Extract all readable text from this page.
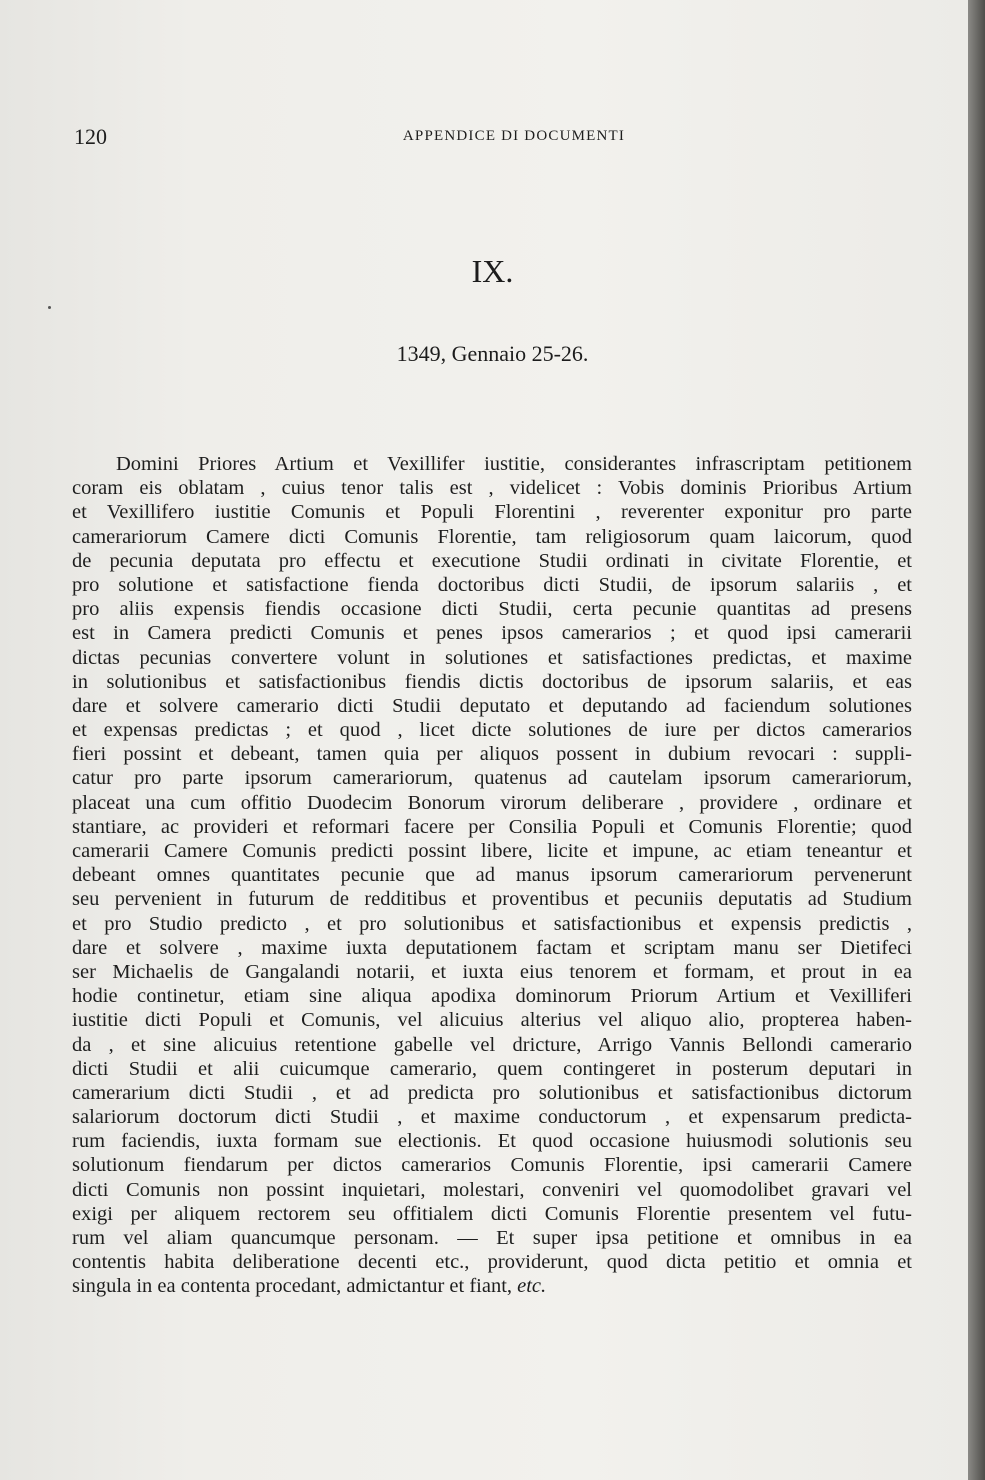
120	APPENDICE DI DOCUMENTI
IX.
1349, Gennaio 25-26.
Domini Priores Artium et Vexillifer iustitie, considerantes infrascriptam petitionem
coram eis oblatam , cuius tenor talis est , videlicet : Vobis dominis Prioribus Artium
et Vexillifero iustitie Comunis et Populi Florentini , reverenter exponitur pro parte
camerariorum Camere dicti Comunis Florentie, tam religiosorum quam laicorum, quod
de pecunia deputata pro effectu et executione Studii ordinati in civitate Florentie, et
pro solutione et satisfactione fienda doctoribus dicti Studii, de ipsorum salariis , et
pro aliis expensis fiendis occasione dicti Studii, certa pecunie quantitas ad presens
est in Camera predicti Comunis et penes ipsos camerarios ; et quod ipsi camerarii
dictas pecunias convertere volunt in solutiones et satisfactiones predictas, et maxime
in solutionibus et satisfactionibus fiendis dictis doctoribus de ipsorum salariis, et eas
dare et solvere camerario dicti Studii deputato et deputando ad faciendum solutiones
et expensas predictas ; et quod , licet dicte solutiones de iure per dictos camerarios
fieri possint et debeant, tamen quia per aliquos possent in dubium revocari : suppli-
catur pro parte ipsorum camerariorum, quatenus ad cautelam ipsorum camerariorum,
placeat una cum offitio Duodecim Bonorum virorum deliberare , providere , ordinare et
stantiare, ac provideri et reformari facere per Consilia Populi et Comunis Florentie; quod
camerarii Camere Comunis predicti possint libere, licite et impune, ac etiam teneantur et
debeant omnes quantitates pecunie que ad manus ipsorum camerariorum pervenerunt
seu pervenient in futurum de redditibus et proventibus et pecuniis deputatis ad Studium
et pro Studio predicto , et pro solutionibus et satisfactionibus et expensis predictis ,
dare et solvere , maxime iuxta deputationem factam et scriptam manu ser Dietifeci
ser Michaelis de Gangalandi notarii, et iuxta eius tenorem et formam, et prout in ea
hodie continetur, etiam sine aliqua apodixa dominorum Priorum Artium et Vexilliferi
iustitie dicti Populi et Comunis, vel alicuius alterius vel aliquo alio, propterea haben-
da , et sine alicuius retentione gabelle vel dricture, Arrigo Vannis Bellondi camerario
dicti Studii et alii cuicumque camerario, quem contingeret in posterum deputari in
camerarium dicti Studii , et ad predicta pro solutionibus et satisfactionibus dictorum
salariorum doctorum dicti Studii , et maxime conductorum , et expensarum predicta-
rum faciendis, iuxta formam sue electionis. Et quod occasione huiusmodi solutionis seu
solutionum fiendarum per dictos camerarios Comunis Florentie, ipsi camerarii Camere
dicti Comunis non possint inquietari, molestari, conveniri vel quomodolibet gravari vel
exigi per aliquem rectorem seu offitialem dicti Comunis Florentie presentem vel futu-
rum vel aliam quancumque personam. — Et super ipsa petitione et omnibus in ea
contentis habita deliberatione decenti etc., providerunt, quod dicta petitio et omnia et
singula in ea contenta procedant, admictantur et fiant, etc.
